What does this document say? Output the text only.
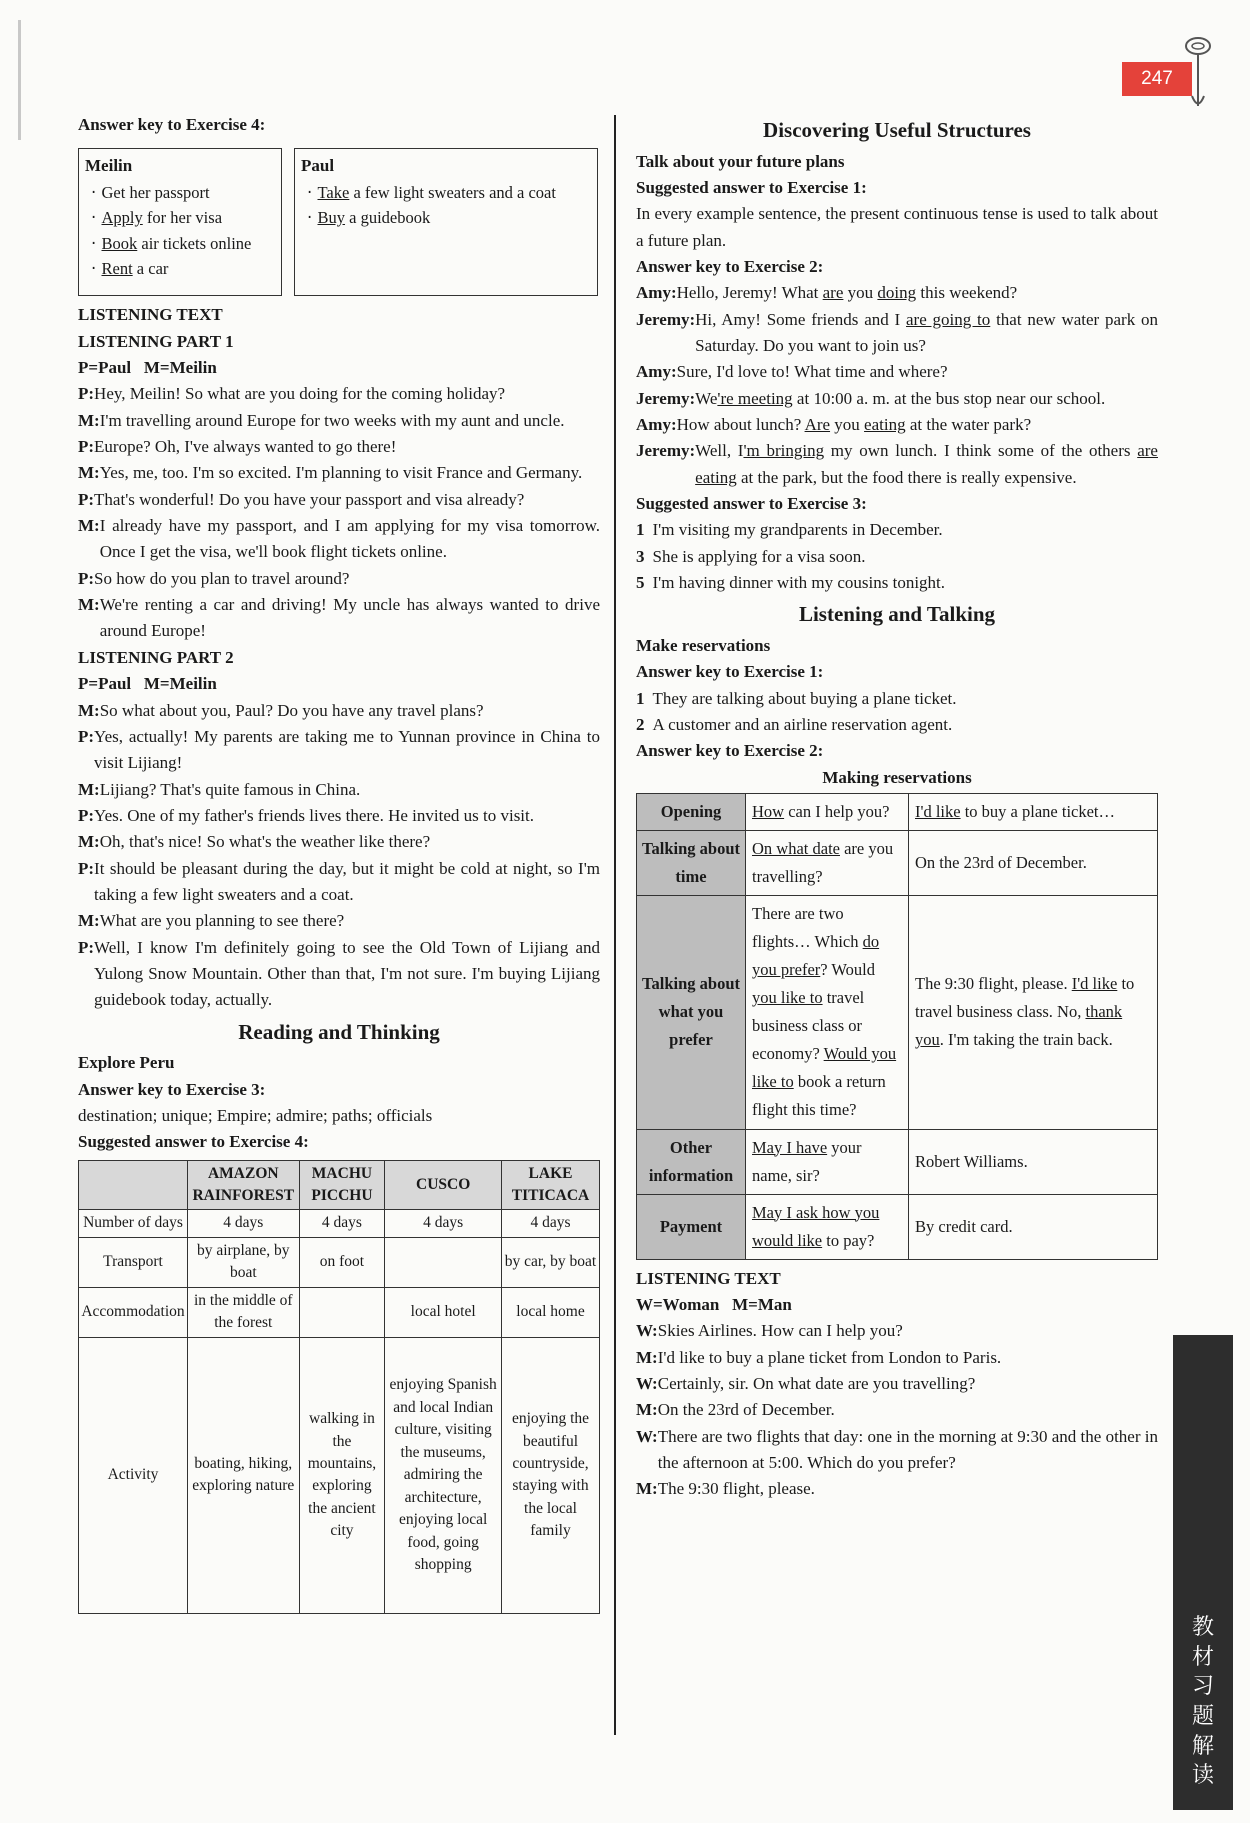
247
教材习题解读

Answer key to Exercise 4:

Meilin
· Get her passport
· Apply for her visa
· Book air tickets online
· Rent a car
Paul
· Take a few light sweaters and a coat
· Buy a guidebook

LISTENING TEXT

LISTENING PART 1

P=Paul   M=Meilin

P: Hey, Meilin! So what are you doing for the coming holiday?
M: I'm travelling around Europe for two weeks with my aunt and uncle.
P: Europe? Oh, I've always wanted to go there!
M: Yes, me, too. I'm so excited. I'm planning to visit France and Germany.
P: That's wonderful! Do you have your passport and visa already?
M: I already have my passport, and I am applying for my visa tomorrow. Once I get the visa, we'll book flight tickets online.
P: So how do you plan to travel around?
M: We're renting a car and driving! My uncle has always wanted to drive around Europe!

LISTENING PART 2

P=Paul   M=Meilin

M: So what about you, Paul? Do you have any travel plans?
P: Yes, actually! My parents are taking me to Yunnan province in China to visit Lijiang!
M: Lijiang? That's quite famous in China.
P: Yes. One of my father's friends lives there. He invited us to visit.
M: Oh, that's nice! So what's the weather like there?
P: It should be pleasant during the day, but it might be cold at night, so I'm taking a few light sweaters and a coat.
M: What are you planning to see there?
P: Well, I know I'm definitely going to see the Old Town of Lijiang and Yulong Snow Mountain. Other than that, I'm not sure. I'm buying Lijiang guidebook today, actually.

Reading and Thinking

Explore Peru

Answer key to Exercise 3:

destination; unique; Empire; admire; paths; officials

Suggested answer to Exercise 4:

	AMAZON RAINFOREST	MACHU PICCHU	CUSCO	LAKE TITICACA
Number of days	4 days	4 days	4 days	4 days
Transport	by airplane, by boat	on foot		by car, by boat
Accommodation	in the middle of the forest		local hotel	local home
Activity	boating, hiking, exploring nature	walking in the mountains, exploring the ancient city	enjoying Spanish and local Indian culture, visiting the museums, admiring the architecture, enjoying local food, going shopping	enjoying the beautiful countryside, staying with the local family

Discovering Useful Structures

Talk about your future plans

Suggested answer to Exercise 1:

In every example sentence, the present continuous tense is used to talk about a future plan.

Answer key to Exercise 2:

Amy: Hello, Jeremy! What are you doing this weekend?
Jeremy: Hi, Amy! Some friends and I are going to that new water park on Saturday. Do you want to join us?
Amy: Sure, I'd love to! What time and where?
Jeremy: We're meeting at 10:00 a. m. at the bus stop near our school.
Amy: How about lunch? Are you eating at the water park?
Jeremy: Well, I'm bringing my own lunch. I think some of the others are eating at the park, but the food there is really expensive.

Suggested answer to Exercise 3:

1 I'm visiting my grandparents in December.
3 She is applying for a visa soon.
5 I'm having dinner with my cousins tonight.

Listening and Talking

Make reservations

Answer key to Exercise 1:

1 They are talking about buying a plane ticket.
2 A customer and an airline reservation agent.

Answer key to Exercise 2:

Making reservations

Opening	How can I help you?	I'd like to buy a plane ticket…
Talking about time	On what date are you travelling?	On the 23rd of December.
Talking about what you prefer	There are two flights… Which do you prefer? Would you like to travel business class or economy? Would you like to book a return flight this time?	The 9:30 flight, please. I'd like to travel business class. No, thank you. I'm taking the train back.
Other information	May I have your name, sir?	Robert Williams.
Payment	May I ask how you would like to pay?	By credit card.

LISTENING TEXT

W=Woman   M=Man

W: Skies Airlines. How can I help you?
M: I'd like to buy a plane ticket from London to Paris.
W: Certainly, sir. On what date are you travelling?
M: On the 23rd of December.
W: There are two flights that day: one in the morning at 9:30 and the other in the afternoon at 5:00. Which do you prefer?
M: The 9:30 flight, please.
